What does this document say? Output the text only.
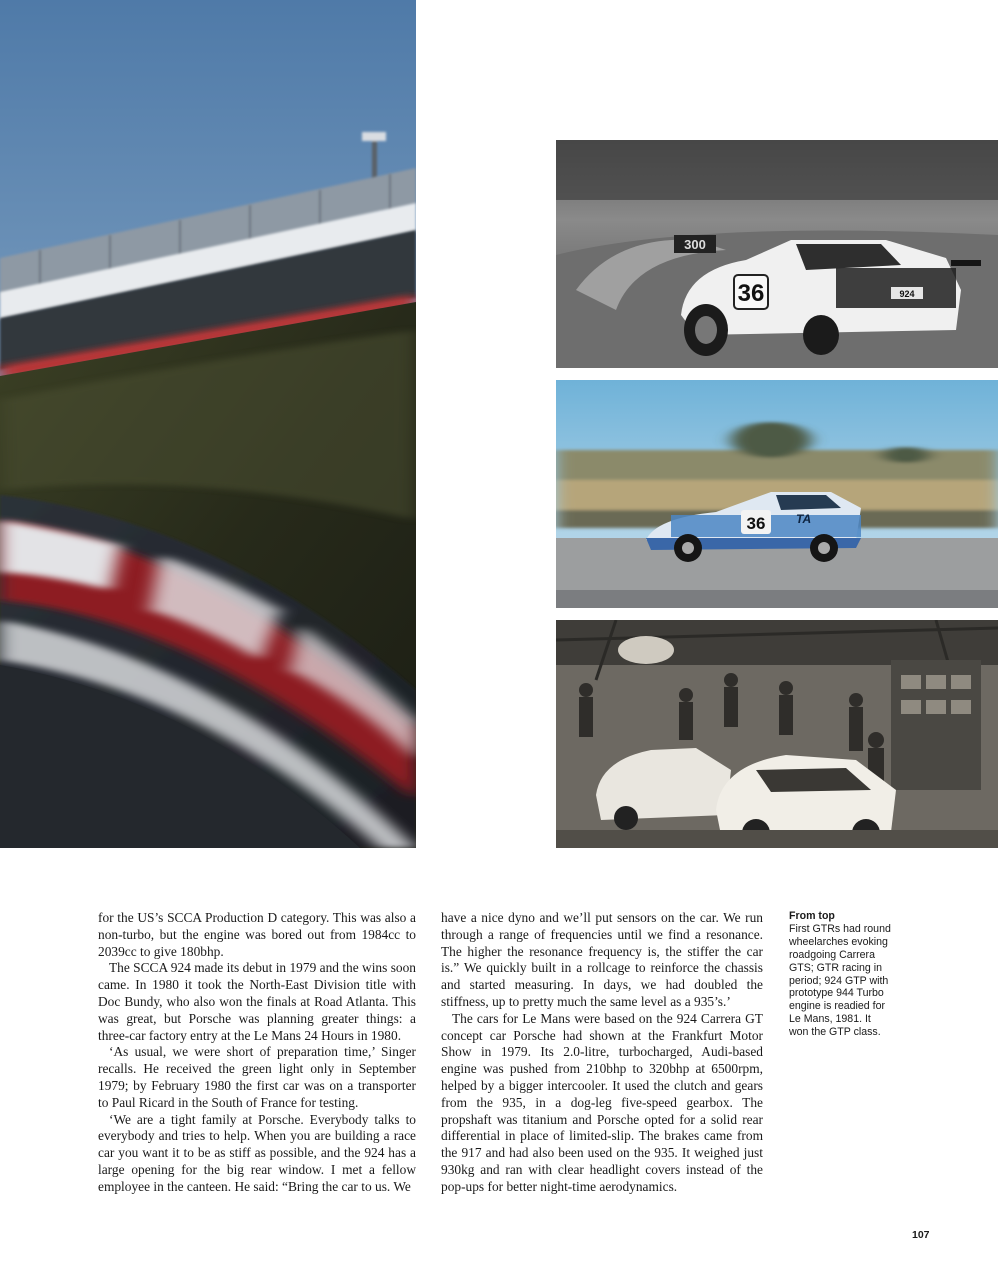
300
924
36
36	TA

for the US’s SCCA Production D category. This was also a non-turbo, but the engine was bored out from 1984cc to 2039cc to give 180bhp.

The SCCA 924 made its debut in 1979 and the wins soon came. In 1980 it took the North-East Division title with Doc Bundy, who also won the finals at Road Atlanta. This was great, but Porsche was planning greater things: a three-car factory entry at the Le Mans 24 Hours in 1980.

‘As usual, we were short of preparation time,’ Singer recalls. He received the green light only in September 1979; by February 1980 the first car was on a transporter to Paul Ricard in the South of France for testing.

‘We are a tight family at Porsche. Everybody talks to everybody and tries to help. When you are building a race car you want it to be as stiff as possible, and the 924 has a large opening for the big rear window. I met a fellow employee in the canteen. He said: “Bring the car to us. We

have a nice dyno and we’ll put sensors on the car. We run through a range of frequencies until we find a resonance. The higher the resonance frequency is, the stiffer the car is.” We quickly built in a rollcage to reinforce the chassis and started measuring. In days, we had doubled the stiffness, up to pretty much the same level as a 935’s.’

The cars for Le Mans were based on the 924 Carrera GT concept car Porsche had shown at the Frankfurt Motor Show in 1979. Its 2.0-litre, turbocharged, Audi-based engine was pushed from 210bhp to 320bhp at 6500rpm, helped by a bigger intercooler. It used the clutch and gears from the 935, in a dog-leg five-speed gearbox. The propshaft was titanium and Porsche opted for a solid rear differential in place of limited-slip. The brakes came from the 917 and had also been used on the 935. It weighed just 930kg and ran with clear headlight covers instead of the pop-ups for better night-time aerodynamics.

From top
First GTRs had round wheelarches evoking roadgoing Carrera GTS; GTR racing in period; 924 GTP with prototype 944 Turbo engine is readied for Le Mans, 1981. It won the GTP class.
107
